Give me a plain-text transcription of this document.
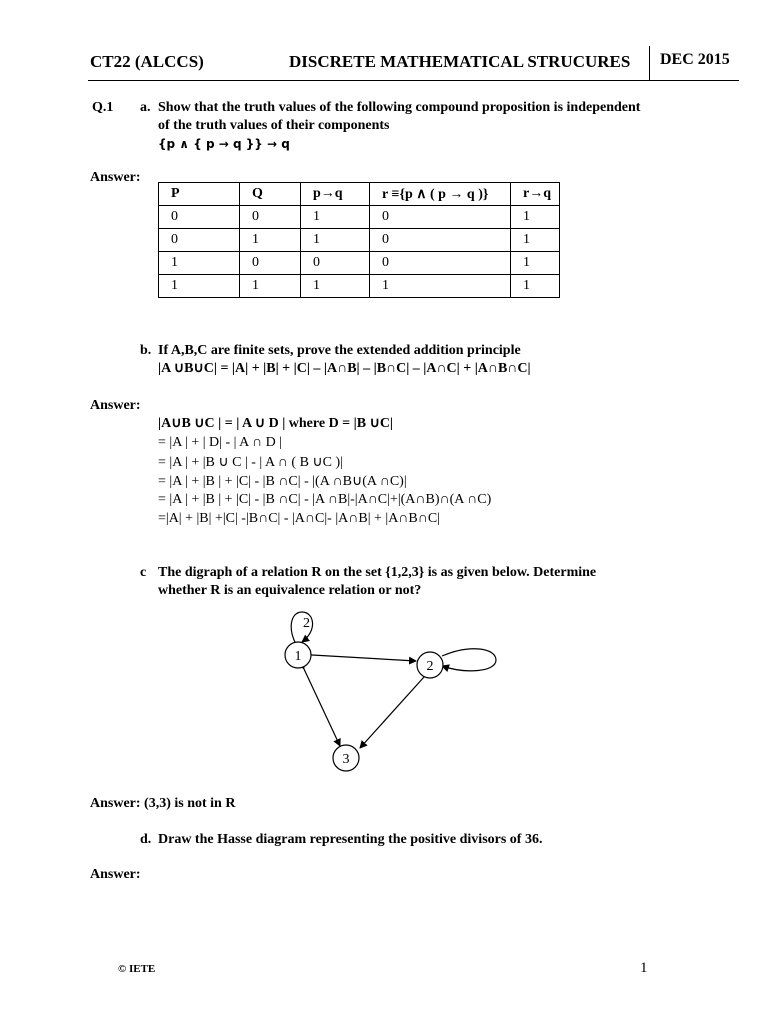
CT22 (ALCCS)	DISCRETE MATHEMATICAL STRUCURES DEC 2015
Q.1 a. Show that the truth values of the following compound proposition is independent
of the truth values of their components
{p ∧ { p → q }} → q
Answer:
P	Q	p→q	r ≡{p ∧ ( p → q )}	r→q
0	0	1	0	1
0	1	1	0	1
1	0	0	0	1
1	1	1	1	1
b. If A,B,C are finite sets, prove the extended addition principle
|A ∪B∪C| = |A| + |B| + |C| – |A∩B| – |B∩C| – |A∩C| + |A∩B∩C|
Answer:
|A∪B ∪C | = | A ∪ D | where D = |B ∪C|
= |A | + | D| - | A ∩ D |
= |A | + |B ∪ C | - | A ∩ ( B ∪C )|
= |A | + |B | + |C| - |B ∩C| - |(A ∩B∪(A ∩C)|
= |A | + |B | + |C| - |B ∩C| - |A ∩B|-|A∩C|+|(A∩B)∩(A ∩C)
=|A| + |B| +|C| -|B∩C| - |A∩C|- |A∩B| + |A∩B∩C|
c The digraph of a relation R on the set {1,2,3} is as given below. Determine
whether R is an equivalence relation or not?
2
1
2
3
Answer: (3,3) is not in R
d. Draw the Hasse diagram representing the positive divisors of 36.
Answer:
© IETE	1
